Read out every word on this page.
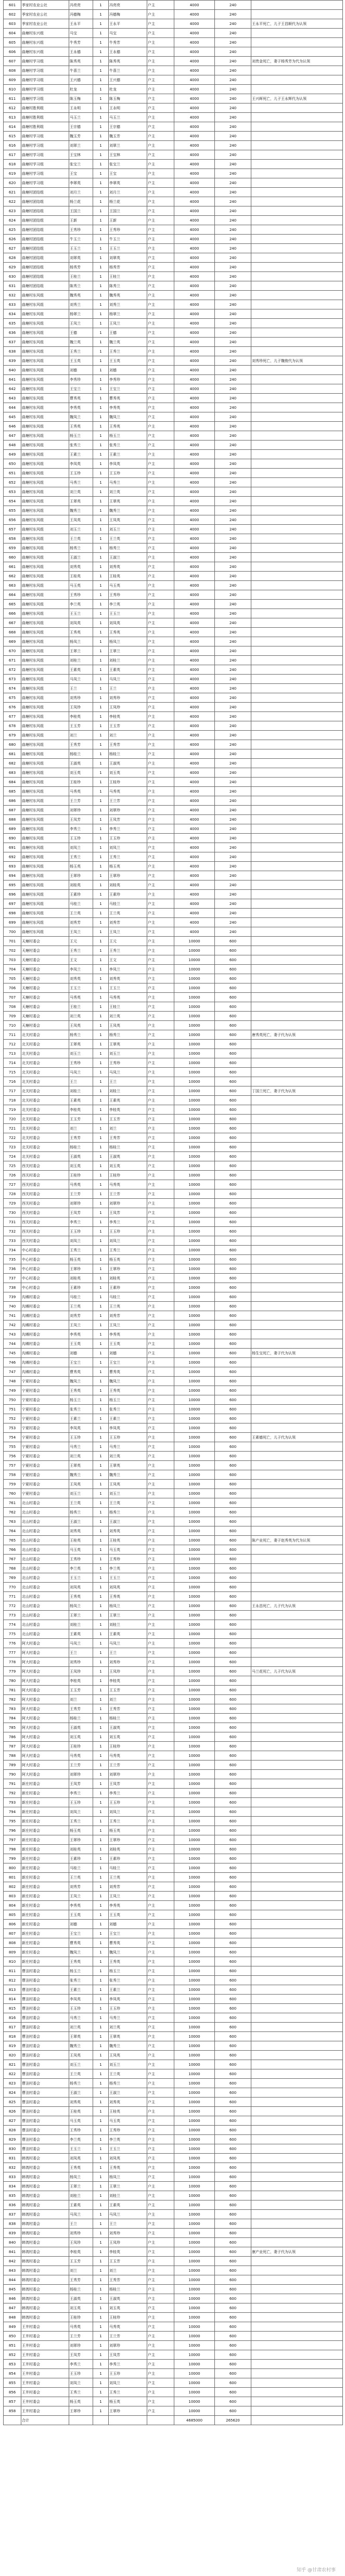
601	季家村农业公社	冯亮亮	1	冯亮亮	户主	4000	240	
602	季家村农业公社	冯德梅	1	冯德梅	户主	4000	240	
603	季家村农业公社	王永平	1	王永平	户主	4000	240	王永平死亡，儿子王昌顺代为认领
604	曲塘村东兴组	马宝	1	马宝	户主	4000	240	
605	曲塘村东兴组	牛秀芳	1	牛秀芳	户主	4000	240	
606	曲塘村东兴组	王永德	1	王永德	户主	4000	240	
607	曲塘村学习组	陈秀英	1	陈秀英	户主	4000	240	刘贵金死亡，妻子杨秀芳为代为认领
608	曲塘村学习组	牛喜兰	1	牛喜兰	户主	4000	240	
609	曲塘村学习组	王兴德	1	王兴德	户主	4000	240	
610	曲塘村学习组	杜龙	1	杜龙	户主	4000	240	
611	曲塘村学习组	陈玉梅	1	陈玉梅	户主	4000	240	王兴晖死亡，儿子王永辉代为认领
612	曲塘村胜利组	王永明	1	王永明	户主	4000	240	
613	曲塘村胜利组	马玉兰	1	马玉兰	户主	4000	240	
614	曲塘村胜利组	王宗德	1	王宗德	户主	4000	240	
615	曲塘村学习组	魏玉芳	1	魏玉芳	户主	4000	240	
616	曲塘村学习组	刘翠兰	1	刘翠兰	户主	4000	240	
617	曲塘村学习组	王宝林	1	王宝林	户主	4000	240	
618	曲塘村学习组	张宝兰	1	张宝兰	户主	4000	240	
619	曲塘村学习组	王宝	1	王宝	户主	4000	240	
620	曲塘村学习组	李翠英	1	李翠英	户主	4000	240	
621	曲塘村团结组	刘月兰	1	刘月兰	户主	4000	240	
622	曲塘村团结组	杨兰花	1	杨兰花	户主	4000	240	
623	曲塘村团结组	王国兰	1	王国兰	户主	4000	240	
624	曲塘村团结组	王新	1	王新	户主	4000	240	
625	曲塘村团结组	王秀珍	1	王秀珍	户主	4000	240	
626	曲塘村团结组	牛玉兰	1	牛玉兰	户主	4000	240	
627	曲塘村团结组	王玉兰	1	王玉兰	户主	4000	240	
628	曲塘村团结组	刘翠英	1	刘翠英	户主	4000	240	
629	曲塘村团结组	杨秀芳	1	杨秀芳	户主	4000	240	
630	曲塘村团结组	王桂兰	1	王桂兰	户主	4000	240	
631	曲塘村团结组	陈秀兰	1	陈秀兰	户主	4000	240	
632	曲塘村东风组	魏秀英	1	魏秀英	户主	4000	240	
633	曲塘村东风组	刘秀兰	1	刘秀兰	户主	4000	240	
634	曲塘村东风组	杨翠兰	1	杨翠兰	户主	4000	240	
635	曲塘村东风组	王凤兰	1	王凤兰	户主	4000	240	
636	曲塘村东风组	王德	1	王德	户主	4000	240	
637	曲塘村东风组	魏兰英	1	魏兰英	户主	4000	240	
638	曲塘村东风组	王秀兰	1	王秀兰	户主	4000	240	
639	曲塘村东风组	王玉英	1	王玉英	户主	4000	240	刘秀珍死亡，儿子魏俊代为认领
640	曲塘村东风组	刘德	1	刘德	户主	4000	240	
641	曲塘村东风组	李秀珍	1	李秀珍	户主	4000	240	
642	曲塘村东风组	王宝兰	1	王宝兰	户主	4000	240	
643	曲塘村东风组	曹秀英	1	曹秀英	户主	4000	240	
644	曲塘村东风组	李秀英	1	李秀英	户主	4000	240	
645	曲塘村东风组	魏凤兰	1	魏凤兰	户主	4000	240	
646	曲塘村东风组	王秀英	1	王秀英	户主	4000	240	
647	曲塘村东风组	杨玉兰	1	杨玉兰	户主	4000	240	
648	曲塘村东风组	张秀兰	1	张秀兰	户主	4000	240	
649	曲塘村东风组	王素兰	1	王素兰	户主	4000	240	
650	曲塘村东风组	李凤英	1	李凤英	户主	4000	240	
651	曲塘村东风组	王玉珍	1	王玉珍	户主	4000	240	
652	曲塘村东风组	马秀兰	1	马秀兰	户主	4000	240	
653	曲塘村东风组	刘兰英	1	刘兰英	户主	4000	240	
654	曲塘村东风组	王翠英	1	王翠英	户主	4000	240	
655	曲塘村东风组	魏秀兰	1	魏秀兰	户主	4000	240	
656	曲塘村东风组	王凤英	1	王凤英	户主	4000	240	
657	曲塘村东风组	刘玉兰	1	刘玉兰	户主	4000	240	
658	曲塘村东风组	王兰英	1	王兰英	户主	4000	240	
659	曲塘村东风组	杨秀兰	1	杨秀兰	户主	4000	240	
660	曲塘村东风组	王淑兰	1	王淑兰	户主	4000	240	
661	曲塘村东风组	刘秀英	1	刘秀英	户主	4000	240	
662	曲塘村东风组	王桂英	1	王桂英	户主	4000	240	
663	曲塘村东风组	马玉英	1	马玉英	户主	4000	240	
664	曲塘村东风组	王秀珍	1	王秀珍	户主	4000	240	
665	曲塘村东风组	李兰英	1	李兰英	户主	4000	240	
666	曲塘村东风组	王玉兰	1	王玉兰	户主	4000	240	
667	曲塘村东风组	刘凤英	1	刘凤英	户主	4000	240	
668	曲塘村东风组	王秀英	1	王秀英	户主	4000	240	
669	曲塘村东风组	杨凤兰	1	杨凤兰	户主	4000	240	
670	曲塘村东风组	王翠兰	1	王翠兰	户主	4000	240	
671	曲塘村东风组	刘桂兰	1	刘桂兰	户主	4000	240	
672	曲塘村东风组	王素英	1	王素英	户主	4000	240	
673	曲塘村东风组	马凤兰	1	马凤兰	户主	4000	240	
674	曲塘村东风组	王兰	1	王兰	户主	4000	240	
675	曲塘村东风组	刘秀珍	1	刘秀珍	户主	4000	240	
676	曲塘村东风组	王凤珍	1	王凤珍	户主	4000	240	
677	曲塘村东风组	李桂英	1	李桂英	户主	4000	240	
678	曲塘村东风组	王玉芳	1	王玉芳	户主	4000	240	
679	曲塘村东风组	刘兰	1	刘兰	户主	4000	240	
680	曲塘村东风组	王秀芳	1	王秀芳	户主	4000	240	
681	曲塘村东风组	杨桂兰	1	杨桂兰	户主	4000	240	
682	曲塘村东风组	王淑英	1	王淑英	户主	4000	240	
683	曲塘村东风组	刘玉英	1	刘玉英	户主	4000	240	
684	曲塘村东风组	王桂珍	1	王桂珍	户主	4000	240	
685	曲塘村东风组	马秀英	1	马秀英	户主	4000	240	
686	曲塘村东风组	王兰芳	1	王兰芳	户主	4000	240	
687	曲塘村东风组	刘翠珍	1	刘翠珍	户主	4000	240	
688	曲塘村东风组	王凤芳	1	王凤芳	户主	4000	240	
689	曲塘村东风组	李秀兰	1	李秀兰	户主	4000	240	
690	曲塘村东风组	王玉珍	1	王玉珍	户主	4000	240	
691	曲塘村东风组	刘凤兰	1	刘凤兰	户主	4000	240	
692	曲塘村东风组	王秀兰	1	王秀兰	户主	4000	240	
693	曲塘村东风组	杨玉英	1	杨玉英	户主	4000	240	
694	曲塘村东风组	王翠珍	1	王翠珍	户主	4000	240	
695	曲塘村东风组	刘桂英	1	刘桂英	户主	4000	240	
696	曲塘村东风组	王素珍	1	王素珍	户主	4000	240	
697	曲塘村东风组	马桂兰	1	马桂兰	户主	4000	240	
698	曲塘村东风组	王兰英	1	王兰英	户主	4000	240	
699	曲塘村东风组	刘秀芳	1	刘秀芳	户主	4000	240	
700	曲塘村东风组	王凤兰	1	王凤兰	户主	4000	240	
701	天塘村委会	王元	1	王元	户主	10000	600	
702	天塘村委会	王秀兰	1	王秀兰	户主	10000	600	
703	天塘村委会	王文	1	王文	户主	10000	600	
704	天塘村委会	李凤兰	1	李凤兰	户主	10000	600	
705	天塘村委会	刘秀英	1	刘秀英	户主	10000	600	
706	天塘村委会	王玉兰	1	王玉兰	户主	10000	600	
707	天塘村委会	马秀英	1	马秀英	户主	10000	600	
708	天塘村委会	王桂兰	1	王桂兰	户主	10000	600	
709	天塘村委会	刘兰英	1	刘兰英	户主	10000	600	
710	天塘村委会	王凤英	1	王凤英	户主	10000	600	
711	北关村委会	杨秀兰	1	杨秀兰	户主	10000	600	唐秀英死亡，妻子代为认领
712	北关村委会	王翠英	1	王翠英	户主	10000	600	
713	北关村委会	刘玉兰	1	刘玉兰	户主	10000	600	
714	北关村委会	王秀珍	1	王秀珍	户主	10000	600	
715	北关村委会	马凤兰	1	马凤兰	户主	10000	600	
716	北关村委会	王兰	1	王兰	户主	10000	600	
717	北关村委会	刘桂兰	1	刘桂兰	户主	10000	600	丁国兰死亡，妻子代为认领
718	北关村委会	王素英	1	王素英	户主	10000	600	
719	北关村委会	李桂英	1	李桂英	户主	10000	600	
720	北关村委会	王玉芳	1	王玉芳	户主	10000	600	
721	北关村委会	刘兰	1	刘兰	户主	10000	600	
722	北关村委会	王秀芳	1	王秀芳	户主	10000	600	
723	北关村委会	杨桂兰	1	杨桂兰	户主	10000	600	
724	北关村委会	王淑英	1	王淑英	户主	10000	600	
725	西关村委会	刘玉英	1	刘玉英	户主	10000	600	
726	西关村委会	王桂珍	1	王桂珍	户主	10000	600	
727	西关村委会	马秀英	1	马秀英	户主	10000	600	
728	西关村委会	王兰芳	1	王兰芳	户主	10000	600	
729	西关村委会	刘翠珍	1	刘翠珍	户主	10000	600	
730	西关村委会	王凤芳	1	王凤芳	户主	10000	600	
731	西关村委会	李秀兰	1	李秀兰	户主	10000	600	
732	西关村委会	王玉珍	1	王玉珍	户主	10000	600	
733	西关村委会	刘凤兰	1	刘凤兰	户主	10000	600	
734	中心村委会	王秀兰	1	王秀兰	户主	10000	600	
735	中心村委会	杨玉英	1	杨玉英	户主	10000	600	
736	中心村委会	王翠珍	1	王翠珍	户主	10000	600	
737	中心村委会	刘桂英	1	刘桂英	户主	10000	600	
738	中心村委会	王素珍	1	王素珍	户主	10000	600	
739	沟滩村委会	马桂兰	1	马桂兰	户主	10000	600	
740	沟滩村委会	王兰英	1	王兰英	户主	10000	600	
741	沟滩村委会	刘秀芳	1	刘秀芳	户主	10000	600	
742	沟滩村委会	王凤兰	1	王凤兰	户主	10000	600	
743	沟滩村委会	李秀英	1	李秀英	户主	10000	600	
744	沟滩村委会	王玉英	1	王玉英	户主	10000	600	
745	沟滩村委会	刘德	1	刘德	户主	10000	600	杨生宝死亡，妻子代为认领
746	沟滩村委会	王宝兰	1	王宝兰	户主	10000	600	
747	沟滩村委会	曹秀英	1	曹秀英	户主	10000	600	
748	宁夏村委会	魏凤兰	1	魏凤兰	户主	10000	600	
749	宁夏村委会	王秀英	1	王秀英	户主	10000	600	
750	宁夏村委会	杨玉兰	1	杨玉兰	户主	10000	600	
751	宁夏村委会	张秀兰	1	张秀兰	户主	10000	600	
752	宁夏村委会	王素兰	1	王素兰	户主	10000	600	
753	宁夏村委会	李凤英	1	李凤英	户主	10000	600	
754	宁夏村委会	王玉珍	1	王玉珍	户主	10000	600	王素德死亡，儿子代为认领
755	宁夏村委会	马秀兰	1	马秀兰	户主	10000	600	
756	宁夏村委会	刘兰英	1	刘兰英	户主	10000	600	
757	宁夏村委会	王翠英	1	王翠英	户主	10000	600	
758	宁夏村委会	魏秀兰	1	魏秀兰	户主	10000	600	
759	宁夏村委会	王凤英	1	王凤英	户主	10000	600	
760	宁夏村委会	刘玉兰	1	刘玉兰	户主	10000	600	
761	北山村委会	王兰英	1	王兰英	户主	10000	600	
762	北山村委会	杨秀兰	1	杨秀兰	户主	10000	600	
763	北山村委会	王淑兰	1	王淑兰	户主	10000	600	
764	北山村委会	刘秀英	1	刘秀英	户主	10000	600	
765	北山村委会	王桂英	1	王桂英	户主	10000	600	陈产业死亡，妻子赵秀英为代为认领
766	北山村委会	马玉英	1	马玉英	户主	10000	600	
767	北山村委会	王秀珍	1	王秀珍	户主	10000	600	
768	北山村委会	李兰英	1	李兰英	户主	10000	600	
769	北山村委会	王玉兰	1	王玉兰	户主	10000	600	
770	北山村委会	刘凤英	1	刘凤英	户主	10000	600	
771	北山村委会	王秀英	1	王秀英	户主	10000	600	
772	北山村委会	杨凤兰	1	杨凤兰	户主	10000	600	王永昌死亡，儿子代为认领
773	北山村委会	王翠兰	1	王翠兰	户主	10000	600	
774	北山村委会	刘桂兰	1	刘桂兰	户主	10000	600	
775	北山村委会	王素英	1	王素英	户主	10000	600	
776	阿大村委会	马凤兰	1	马凤兰	户主	10000	600	
777	阿大村委会	王兰	1	王兰	户主	10000	600	
778	阿大村委会	刘秀珍	1	刘秀珍	户主	10000	600	
779	阿大村委会	王凤珍	1	王凤珍	户主	10000	600	马兰花死亡，儿子代为认领
780	阿大村委会	李桂英	1	李桂英	户主	10000	600	
781	阿大村委会	王玉芳	1	王玉芳	户主	10000	600	
782	阿大村委会	刘兰	1	刘兰	户主	10000	600	
783	阿大村委会	王秀芳	1	王秀芳	户主	10000	600	
784	阿大村委会	杨桂兰	1	杨桂兰	户主	10000	600	
785	阿大村委会	王淑英	1	王淑英	户主	10000	600	
786	阿大村委会	刘玉英	1	刘玉英	户主	10000	600	
787	阿大村委会	王桂珍	1	王桂珍	户主	10000	600	
788	阿大村委会	马秀英	1	马秀英	户主	10000	600	
789	阿大村委会	王兰芳	1	王兰芳	户主	10000	600	
790	阿大村委会	刘翠珍	1	刘翠珍	户主	10000	600	
791	新庄村委会	王凤芳	1	王凤芳	户主	10000	600	
792	新庄村委会	李秀兰	1	李秀兰	户主	10000	600	
793	新庄村委会	王玉珍	1	王玉珍	户主	10000	600	
794	新庄村委会	刘凤兰	1	刘凤兰	户主	10000	600	
795	新庄村委会	王秀兰	1	王秀兰	户主	10000	600	
796	新庄村委会	杨玉英	1	杨玉英	户主	10000	600	
797	新庄村委会	王翠珍	1	王翠珍	户主	10000	600	
798	新庄村委会	刘桂英	1	刘桂英	户主	10000	600	
799	新庄村委会	王素珍	1	王素珍	户主	10000	600	
800	新庄村委会	马桂兰	1	马桂兰	户主	10000	600	
801	新庄村委会	王兰英	1	王兰英	户主	10000	600	
802	新庄村委会	刘秀芳	1	刘秀芳	户主	10000	600	
803	新庄村委会	王凤兰	1	王凤兰	户主	10000	600	
804	新庄村委会	李秀英	1	李秀英	户主	10000	600	
805	新庄村委会	王玉英	1	王玉英	户主	10000	600	
806	新庄村委会	刘德	1	刘德	户主	10000	600	
807	新庄村委会	王宝兰	1	王宝兰	户主	10000	600	
808	新庄村委会	曹秀英	1	曹秀英	户主	10000	600	
809	新庄村委会	魏凤兰	1	魏凤兰	户主	10000	600	
810	新庄村委会	王秀英	1	王秀英	户主	10000	600	
811	曹洼村委会	杨玉兰	1	杨玉兰	户主	10000	600	
812	曹洼村委会	张秀兰	1	张秀兰	户主	10000	600	
813	曹洼村委会	王素兰	1	王素兰	户主	10000	600	
814	曹洼村委会	李凤英	1	李凤英	户主	10000	600	
815	曹洼村委会	王玉珍	1	王玉珍	户主	10000	600	
816	曹洼村委会	马秀兰	1	马秀兰	户主	10000	600	
817	曹洼村委会	刘兰英	1	刘兰英	户主	10000	600	
818	曹洼村委会	王翠英	1	王翠英	户主	10000	600	
819	曹洼村委会	魏秀兰	1	魏秀兰	户主	10000	600	
820	曹洼村委会	王凤英	1	王凤英	户主	10000	600	
821	曹洼村委会	刘玉兰	1	刘玉兰	户主	10000	600	
822	曹洼村委会	王兰英	1	王兰英	户主	10000	600	
823	曹洼村委会	杨秀兰	1	杨秀兰	户主	10000	600	
824	曹洼村委会	王淑兰	1	王淑兰	户主	10000	600	
825	曹洼村委会	刘秀英	1	刘秀英	户主	10000	600	
826	曹洼村委会	王桂英	1	王桂英	户主	10000	600	
827	曹洼村委会	马玉英	1	马玉英	户主	10000	600	
828	曹洼村委会	王秀珍	1	王秀珍	户主	10000	600	
829	曹洼村委会	李兰英	1	李兰英	户主	10000	600	
830	曹洼村委会	王玉兰	1	王玉兰	户主	10000	600	
831	韩湾村委会	刘凤英	1	刘凤英	户主	10000	600	
832	韩湾村委会	王秀英	1	王秀英	户主	10000	600	
833	韩湾村委会	杨凤兰	1	杨凤兰	户主	10000	600	
834	韩湾村委会	王翠兰	1	王翠兰	户主	10000	600	
835	韩湾村委会	刘桂兰	1	刘桂兰	户主	10000	600	
836	韩湾村委会	王素英	1	王素英	户主	10000	600	
837	韩湾村委会	马凤兰	1	马凤兰	户主	10000	600	
838	韩湾村委会	王兰	1	王兰	户主	10000	600	
839	韩湾村委会	刘秀珍	1	刘秀珍	户主	10000	600	
840	韩湾村委会	王凤珍	1	王凤珍	户主	10000	600	
841	韩湾村委会	李桂英	1	李桂英	户主	10000	600	康产业死亡，妻子代为认领
842	韩湾村委会	王玉芳	1	王玉芳	户主	10000	600	
843	韩湾村委会	刘兰	1	刘兰	户主	10000	600	
844	韩湾村委会	王秀芳	1	王秀芳	户主	10000	600	
845	韩湾村委会	杨桂兰	1	杨桂兰	户主	10000	600	
846	韩湾村委会	王淑英	1	王淑英	户主	10000	600	
847	韩湾村委会	刘玉英	1	刘玉英	户主	10000	600	
848	韩湾村委会	王桂珍	1	王桂珍	户主	10000	600	
849	王井村委会	马秀英	1	马秀英	户主	10000	600	
850	王井村委会	王兰芳	1	王兰芳	户主	10000	600	
851	王井村委会	刘翠珍	1	刘翠珍	户主	10000	600	
852	王井村委会	王凤芳	1	王凤芳	户主	10000	600	
853	王井村委会	李秀兰	1	李秀兰	户主	10000	600	
854	王井村委会	王玉珍	1	王玉珍	户主	10000	600	
855	王井村委会	刘凤兰	1	刘凤兰	户主	10000	600	
856	王井村委会	王秀兰	1	王秀兰	户主	10000	600	
857	王井村委会	杨玉英	1	杨玉英	户主	10000	600	
858	王井村委会	王翠珍	1	王翠珍	户主	10000	600	
	合计					4685000	265620	
知乎 @甘肃农村事
